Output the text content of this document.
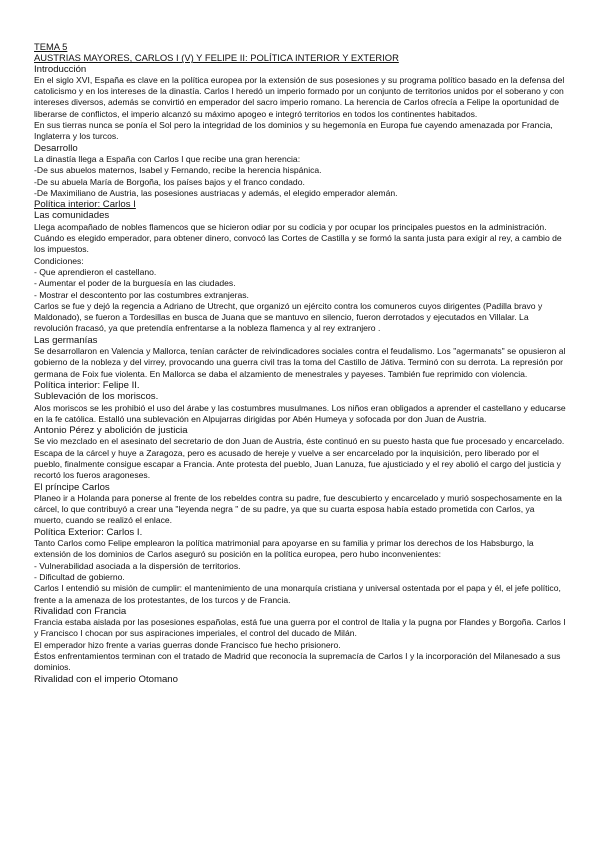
TEMA 5

AUSTRIAS MAYORES, CARLOS I (V) Y FELIPE II: POLÍTICA INTERIOR Y EXTERIOR

Introducción

En el siglo XVI, España es clave en la política europea por la extensión de sus posesiones y su programa político basado en la defensa del catolicismo y en los intereses de la dinastía. Carlos I heredó un imperio formado por un conjunto de territorios unidos por el soberano y con intereses diversos, además se convirtió en emperador del sacro imperio romano. La herencia de Carlos ofrecía a Felipe la oportunidad de liberarse de conflictos, el imperio alcanzó su máximo apogeo e integró territorios en todos los continentes habitados.

En sus tierras nunca se ponía el Sol pero la integridad de los dominios y su hegemonía en Europa fue cayendo amenazada por Francia, Inglaterra y los turcos.

Desarrollo

La dinastía llega a España con Carlos I que recibe una gran herencia:

-De sus abuelos maternos, Isabel y Fernando, recibe la herencia hispánica.

-De su abuela María de Borgoña, los países bajos y el franco condado.

-De Maximiliano de Austria, las posesiones austriacas y además, el elegido emperador alemán.

Política interior: Carlos I

Las comunidades

Llega acompañado de nobles flamencos que se hicieron odiar por su codicia y por ocupar los principales puestos en la administración.

Cuándo es elegido emperador, para obtener dinero, convocó las Cortes de Castilla y se formó la santa justa para exigir al rey, a cambio de los impuestos.

Condiciones:

- Que aprendieron el castellano.

- Aumentar el poder de la burguesía en las ciudades.

- Mostrar el descontento por las costumbres extranjeras.

Carlos se fue y dejó la regencia a Adriano de Utrecht, que organizó un ejército contra los comuneros cuyos dirigentes (Padilla bravo y Maldonado), se fueron a Tordesillas en busca de Juana que se mantuvo en silencio, fueron derrotados y ejecutados en Villalar. La revolución fracasó, ya que pretendía enfrentarse a la nobleza flamenca y al rey extranjero .

Las germanías

Se desarrollaron en Valencia y Mallorca, tenían carácter de reivindicadores sociales contra el feudalismo. Los "agermanats" se opusieron al gobierno de la nobleza y del virrey, provocando una guerra civil tras la toma del Castillo de Játiva. Terminó con su derrota. La represión por germana de Foix fue violenta. En Mallorca se daba el alzamiento de menestrales y payeses. También fue reprimido con violencia.

Política interior: Felipe II.

Sublevación de los moriscos.

Alos moriscos se les prohibió el uso del árabe y las costumbres musulmanes. Los niños eran obligados a aprender el castellano y educarse en la fe católica. Estalló una sublevación en Alpujarras dirigidas por Abén Humeya y sofocada por don Juan de Austria.

Antonio Pérez y abolición de justicia

Se vio mezclado en el asesinato del secretario de don Juan de Austria, éste continuó en su puesto hasta que fue procesado y encarcelado. Escapa de la cárcel y huye a Zaragoza, pero es acusado de hereje y vuelve a ser encarcelado por la inquisición, pero liberado por el pueblo, finalmente consigue escapar a Francia. Ante protesta del pueblo, Juan Lanuza, fue ajusticiado y el rey abolió el cargo del justicia y recortó los fueros aragoneses.

El príncipe Carlos

Planeo ir a Holanda para ponerse al frente de los rebeldes contra su padre, fue descubierto y encarcelado y murió sospechosamente en la cárcel, lo que contribuyó a crear una "leyenda negra " de su padre, ya que su cuarta esposa había estado prometida con Carlos, ya muerto, cuando se realizó el enlace.

Política Exterior: Carlos I.

Tanto Carlos como Felipe emplearon la política matrimonial para apoyarse en su familia y primar los derechos de los Habsburgo, la extensión de los dominios de Carlos aseguró su posición en la política europea, pero hubo inconvenientes:

- Vulnerabilidad asociada a la dispersión de territorios.

- Dificultad de gobierno.

Carlos I entendió su misión de cumplir: el mantenimiento de una monarquía cristiana y universal ostentada por el papa y él, el jefe político, frente a la amenaza de los protestantes, de los turcos y de Francia.

Rivalidad con Francia

Francia estaba aislada por las posesiones españolas, está fue una guerra por el control de Italia y la pugna por Flandes y Borgoña. Carlos I y Francisco I chocan por sus aspiraciones imperiales, el control del ducado de Milán.

El emperador hizo frente a varias guerras donde Francisco fue hecho prisionero.

Éstos enfrentamientos terminan con el tratado de Madrid que reconocía la supremacía de Carlos I y la incorporación del Milanesado a sus dominios.

Rivalidad con el imperio Otomano
